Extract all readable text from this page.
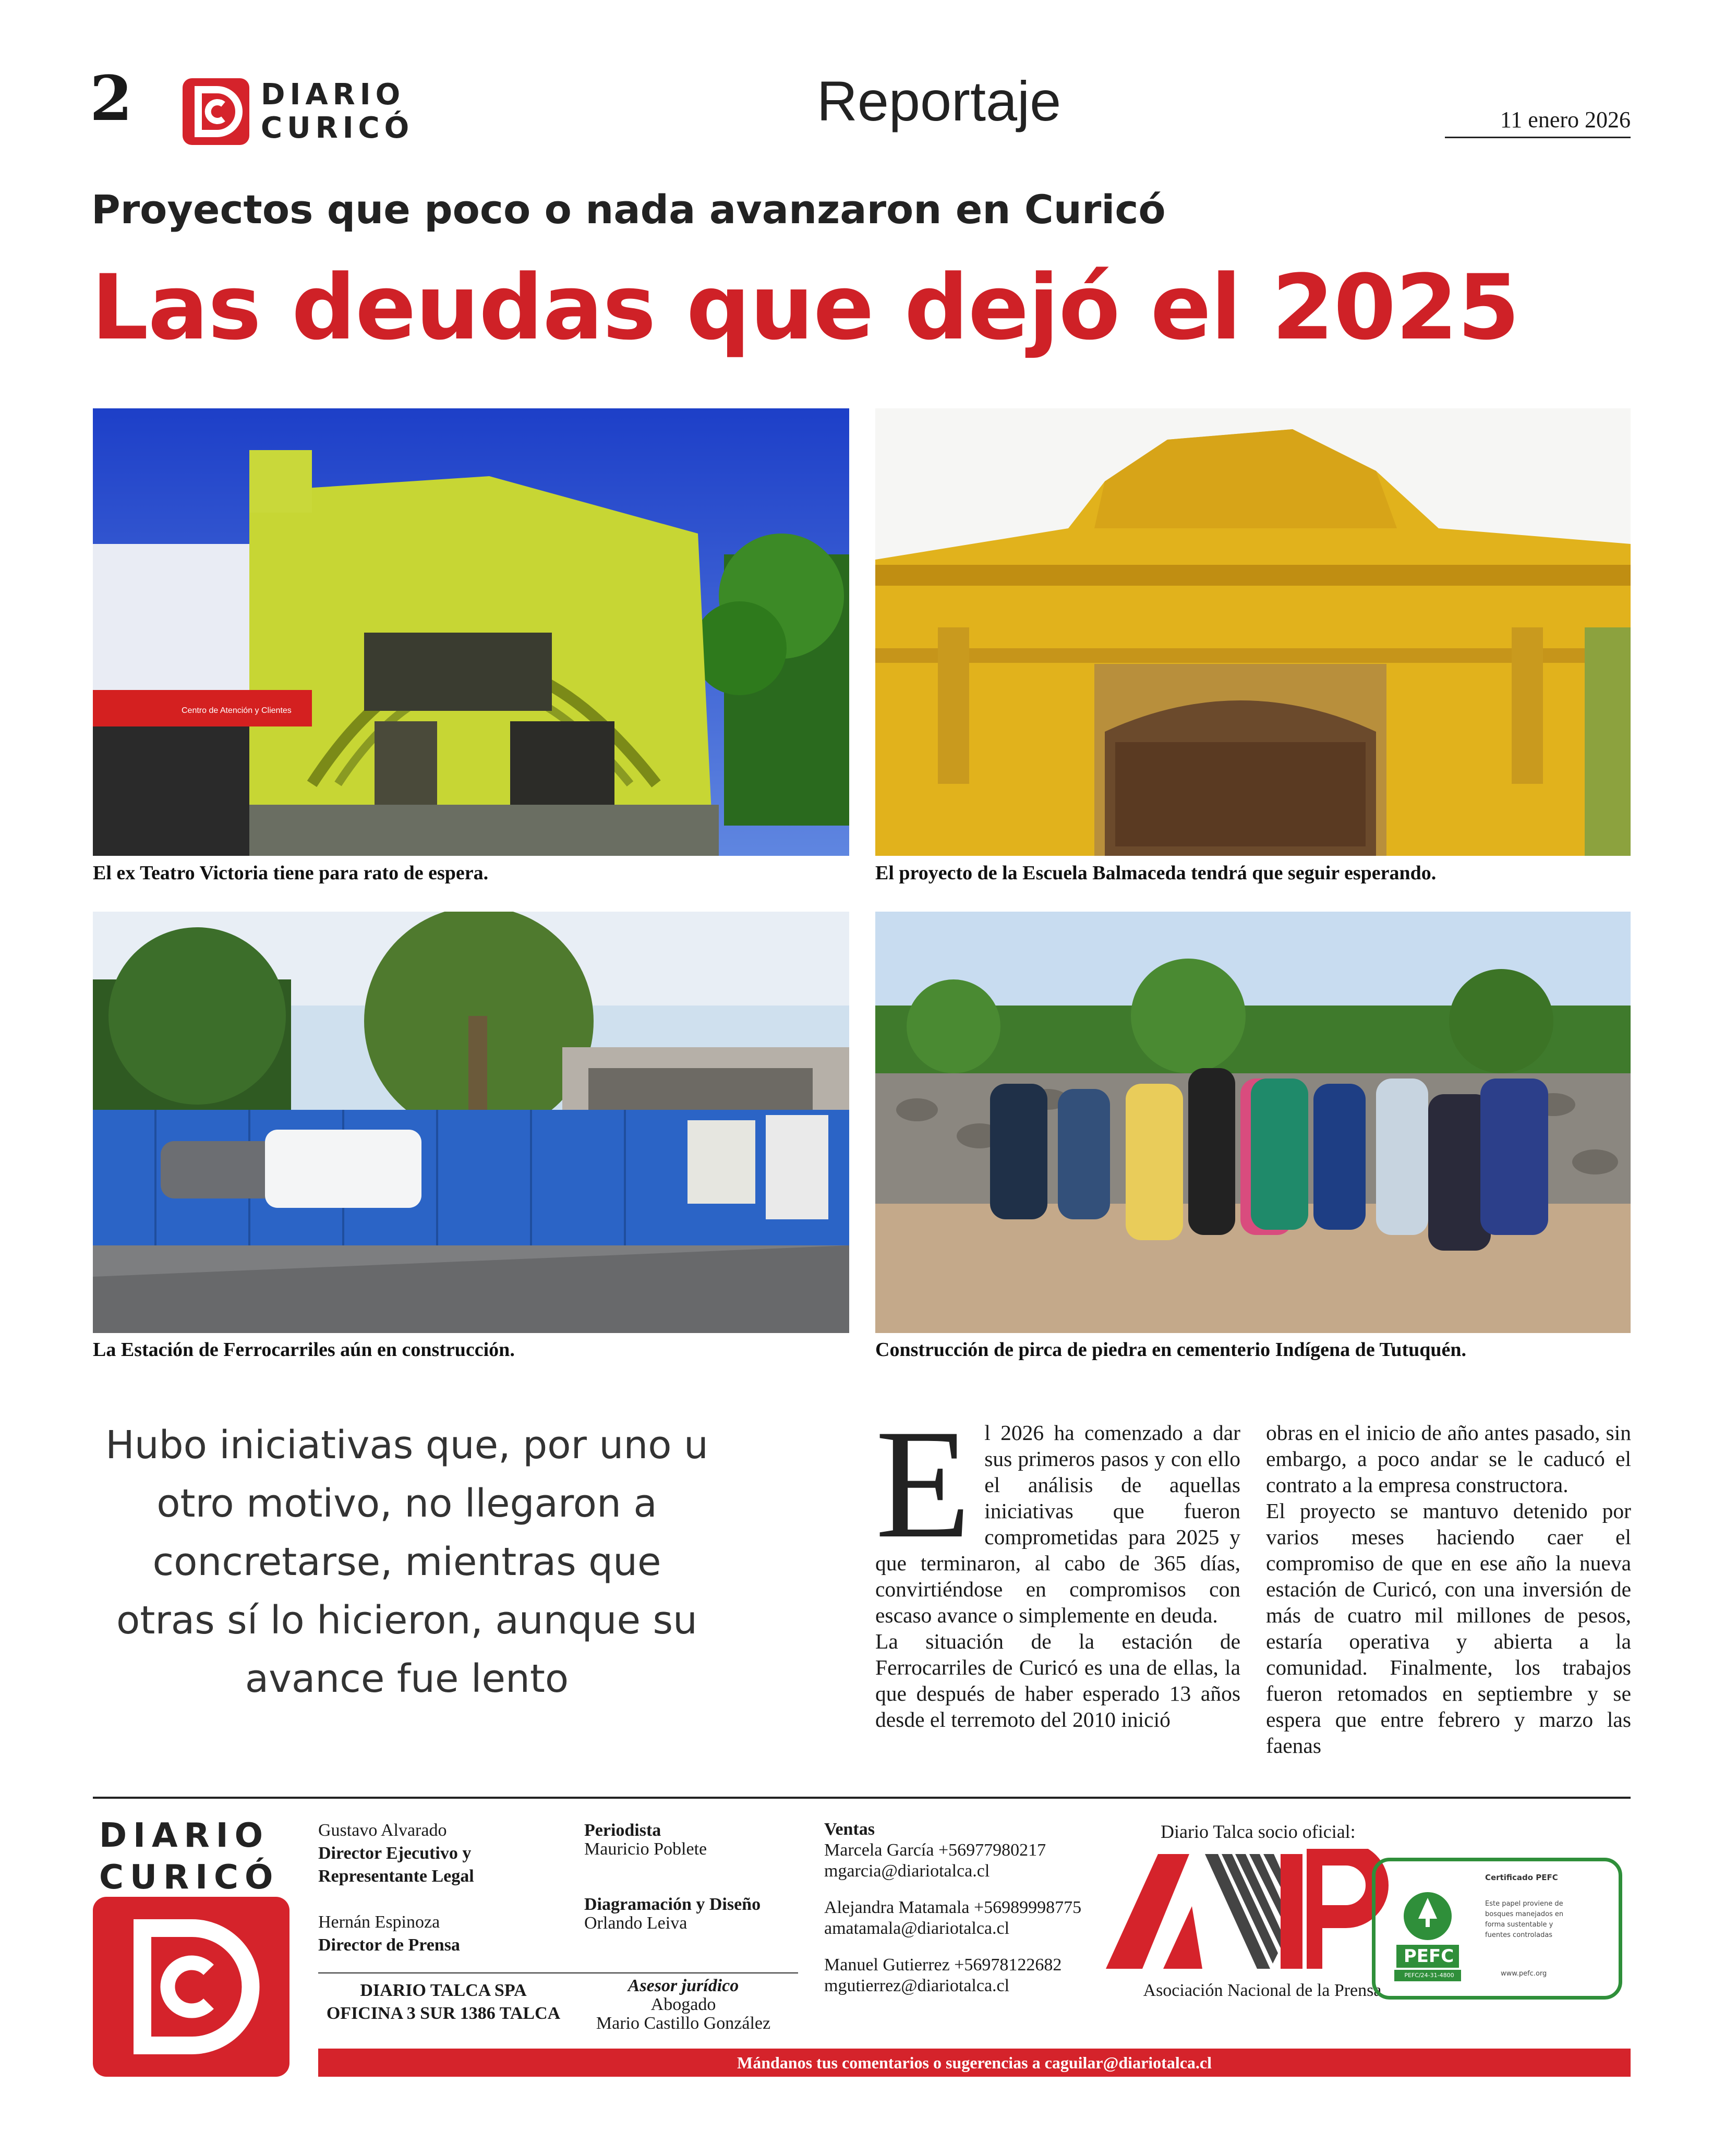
2	DIARIO
CURICÓ	Reportaje	11 enero 2026
Proyectos que poco o nada avanzaron en Curicó
Las deudas que dejó el 2025
Centro de Atención y Clientes
El ex Teatro Victoria tiene para rato de espera.	El proyecto de la Escuela Balmaceda tendrá que seguir esperando.
La Estación de Ferrocarriles aún en construcción.	Construcción de pirca de piedra en cementerio Indígena de Tutuquén.
Hubo iniciativas que, por uno u otro motivo, no llegaron a concretarse, mientras que otras sí lo hicieron, aunque su avance fue lento
El 2026 ha comenzado a dar sus primeros pasos y con ello el análisis de aquellas iniciativas que fueron comprometidas para 2025 y que terminaron, al cabo de 365 días, convirtiéndose en compromisos con escaso avance o simplemente en deuda.
La situación de la estación de Ferrocarriles de Curicó es una de ellas, la que después de haber esperado 13 años desde el terremoto del 2010 inició
obras en el inicio de año antes pasado, sin embargo, a poco andar se le caducó el contrato a la empresa constructora.
El proyecto se mantuvo detenido por varios meses haciendo caer el compromiso de que en ese año la nueva estación de Curicó, con una inversión de más de cuatro mil millones de pesos, estaría operativa y abierta a la comunidad. Finalmente, los trabajos fueron retomados en septiembre y se espera que entre febrero y marzo las faenas
DIARIO
CURICÓ
Gustavo Alvarado
Director Ejecutivo y
Representante Legal
Hernán Espinoza
Director de Prensa
DIARIO TALCA SPA
OFICINA 3 SUR 1386 TALCA
Periodista
Mauricio Poblete
Diagramación y Diseño
Orlando Leiva
Asesor jurídico
Abogado
Mario Castillo González
Ventas
Marcela García +56977980217
mgarcia@diariotalca.cl
Alejandra Matamala +56989998775
amatamala@diariotalca.cl
Manuel Gutierrez +56978122682
mgutierrez@diariotalca.cl
Diario Talca socio oficial:
Asociación Nacional de la Prensa
PEFC
PEFC/24-31-4800
Certificado PEFC
Este papel proviene de bosques manejados en forma sustentable y fuentes controladas
www.pefc.org
Mándanos tus comentarios o sugerencias a caguilar@diariotalca.cl
